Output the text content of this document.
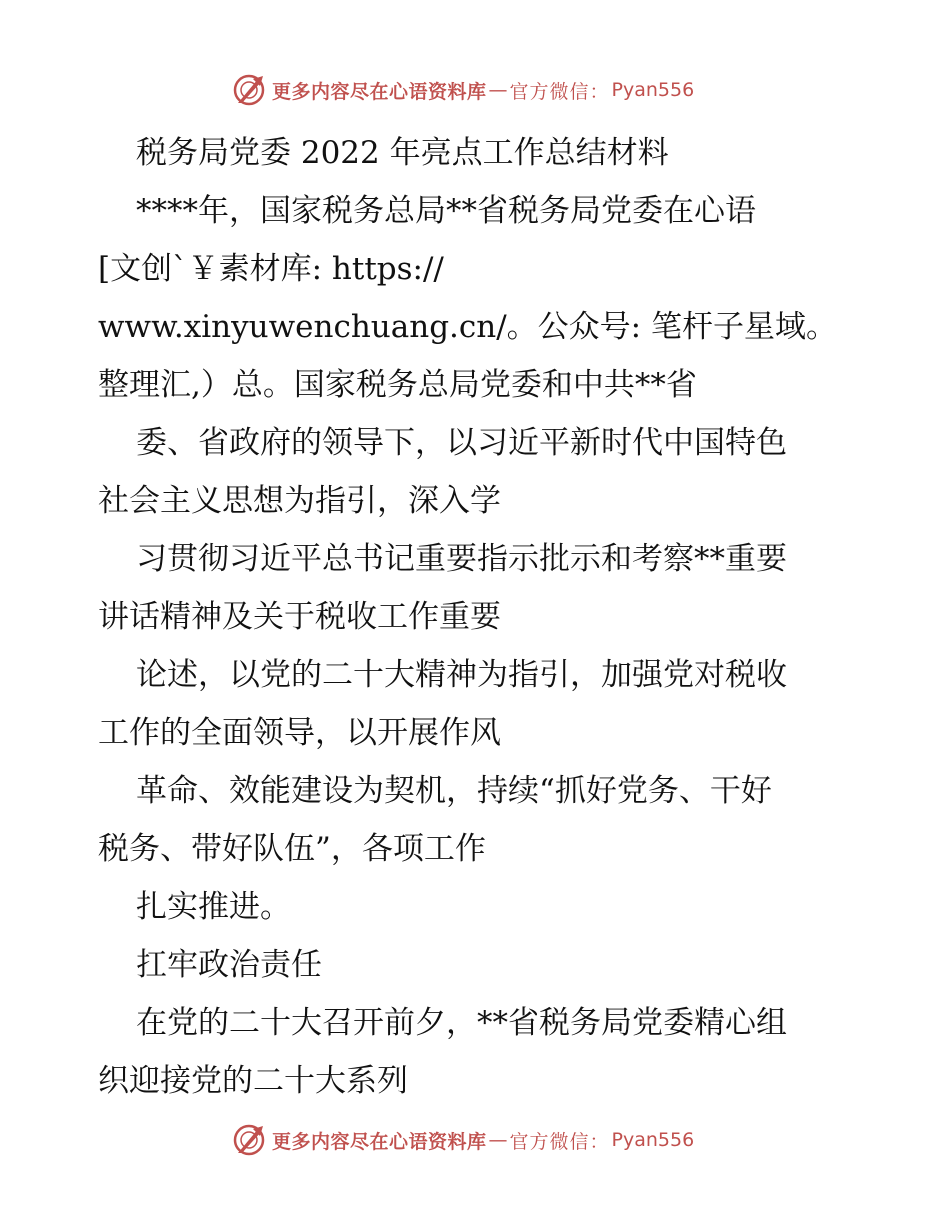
更多内容尽在心语资料库 — 官方微信： Pyan556
税务局党委 2022 年亮点工作总结材料
****年，国家税务总局**省税务局党委在心语
[文创`￥素材库: https://
www.xinyuwenchuang.cn/。公众号: 笔杆子星域。
整理汇,）总。国家税务总局党委和中共**省
委、省政府的领导下，以习近平新时代中国特色
社会主义思想为指引，深入学
习贯彻习近平总书记重要指示批示和考察**重要
讲话精神及关于税收工作重要
论述，以党的二十大精神为指引，加强党对税收
工作的全面领导，以开展作风
革命、效能建设为契机，持续“抓好党务、干好
税务、带好队伍”，各项工作
扎实推进。
扛牢政治责任
在党的二十大召开前夕，**省税务局党委精心组
织迎接党的二十大系列
更多内容尽在心语资料库 — 官方微信： Pyan556
